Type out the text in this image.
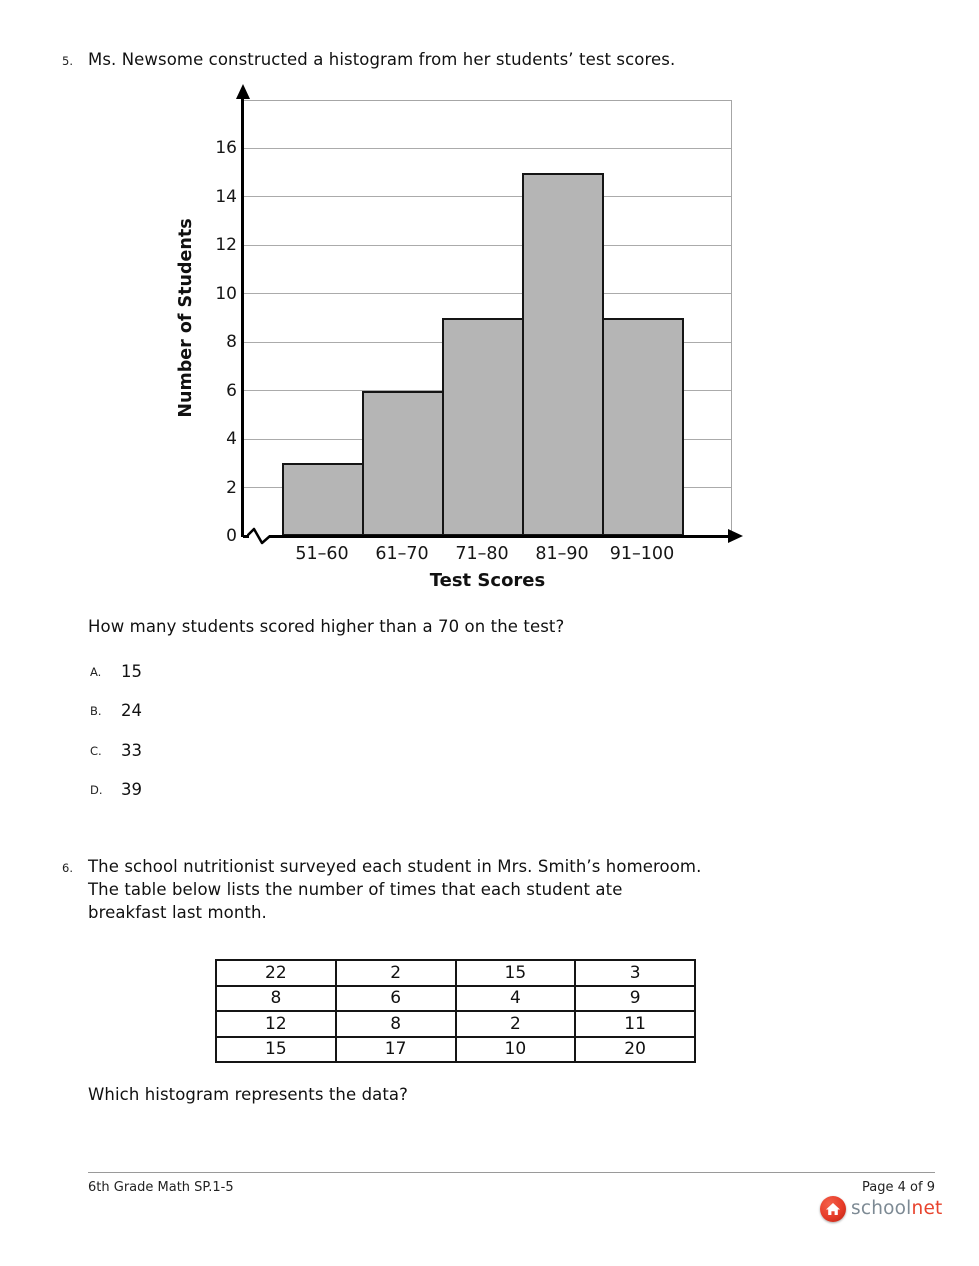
5. Ms. Newsome constructed a histogram from her students’ test scores.
16
14
12
10
8
6
4
2
0
51–60	61–70	71–80	81–90	91–100
Number of Students
Test Scores
How many students scored higher than a 70 on the test?
A. 15
B. 24
C. 33
D. 39
6. The school nutritionist surveyed each student in Mrs. Smith’s homeroom.
The table below lists the number of times that each student ate
breakfast last month.
22	2	15	3
8	6	4	9
12	8	2	11
15	17	10	20
Which histogram represents the data?
6th Grade Math SP.1-5	Page 4 of 9
schoolnet
